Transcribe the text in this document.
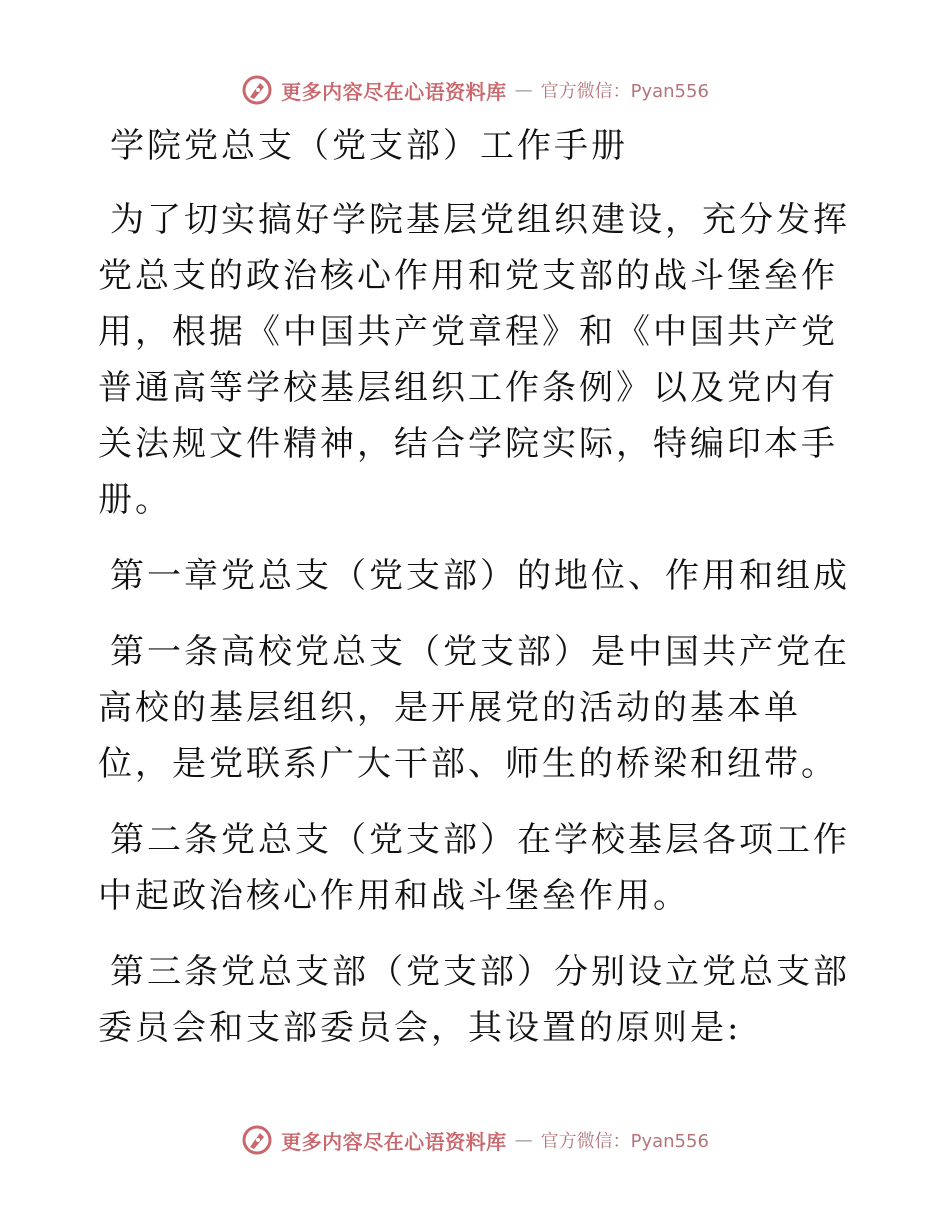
更多内容尽在心语资料库 — 官方微信：Pyan556

学院党总支（党支部）工作手册

为了切实搞好学院基层党组织建设，充分发挥党总支的政治核心作用和党支部的战斗堡垒作用，根据《中国共产党章程》和《中国共产党普通高等学校基层组织工作条例》以及党内有关法规文件精神，结合学院实际，特编印本手册。

第一章党总支（党支部）的地位、作用和组成

第一条高校党总支（党支部）是中国共产党在高校的基层组织，是开展党的活动的基本单位，是党联系广大干部、师生的桥梁和纽带。

第二条党总支（党支部）在学校基层各项工作中起政治核心作用和战斗堡垒作用。

第三条党总支部（党支部）分别设立党总支部委员会和支部委员会，其设置的原则是:

更多内容尽在心语资料库 — 官方微信：Pyan556
